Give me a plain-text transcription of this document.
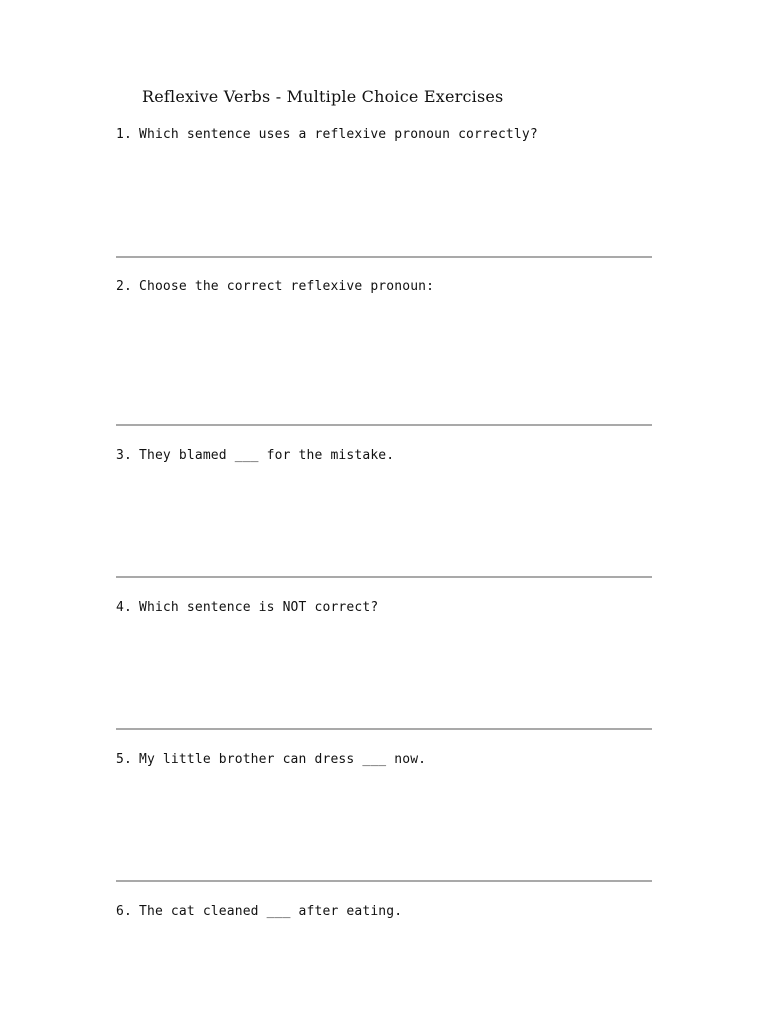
Reflexive Verbs - Multiple Choice Exercises
1. Which sentence uses a reflexive pronoun correctly?
2. Choose the correct reflexive pronoun:
3. They blamed ___ for the mistake.
4. Which sentence is NOT correct?
5. My little brother can dress ___ now.
6. The cat cleaned ___ after eating.
